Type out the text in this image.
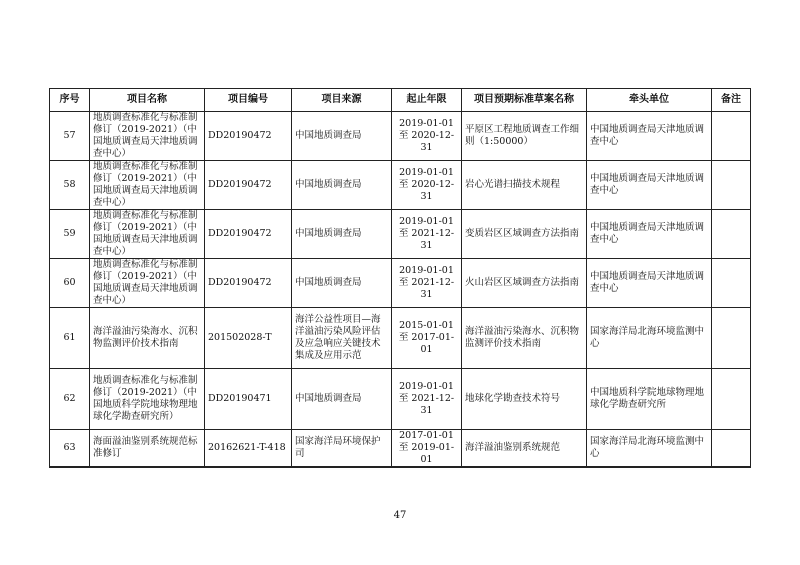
序号	项目名称	项目编号	项目来源	起止年限	项目预期标准草案名称	牵头单位	备注
57	地质调查标准化与标准制修订（2019-2021）（中国地质调查局天津地质调查中心）	DD20190472	中国地质调查局	2019-01-01 至 2020-12-31	平原区工程地质调查工作细则（1:50000）	中国地质调查局天津地质调查中心	
58	地质调查标准化与标准制修订（2019-2021）（中国地质调查局天津地质调查中心）	DD20190472	中国地质调查局	2019-01-01 至 2020-12-31	岩心光谱扫描技术规程	中国地质调查局天津地质调查中心	
59	地质调查标准化与标准制修订（2019-2021）（中国地质调查局天津地质调查中心）	DD20190472	中国地质调查局	2019-01-01 至 2021-12-31	变质岩区区域调查方法指南	中国地质调查局天津地质调查中心	
60	地质调查标准化与标准制修订（2019-2021）（中国地质调查局天津地质调查中心）	DD20190472	中国地质调查局	2019-01-01 至 2021-12-31	火山岩区区域调查方法指南	中国地质调查局天津地质调查中心	
61	海洋溢油污染海水、沉积物监测评价技术指南	201502028-T	海洋公益性项目—海洋溢油污染风险评估及应急响应关键技术集成及应用示范	2015-01-01 至 2017-01-01	海洋溢油污染海水、沉积物监测评价技术指南	国家海洋局北海环境监测中心	
62	地质调查标准化与标准制修订（2019-2021）（中国地质科学院地球物理地球化学勘查研究所）	DD20190471	中国地质调查局	2019-01-01 至 2021-12-31	地球化学勘查技术符号	中国地质科学院地球物理地球化学勘查研究所	
63	海面溢油鉴别系统规范标准修订	20162621-T-418	国家海洋局环境保护司	2017-01-01 至 2019-01-01	海洋溢油鉴别系统规范	国家海洋局北海环境监测中心	
47
